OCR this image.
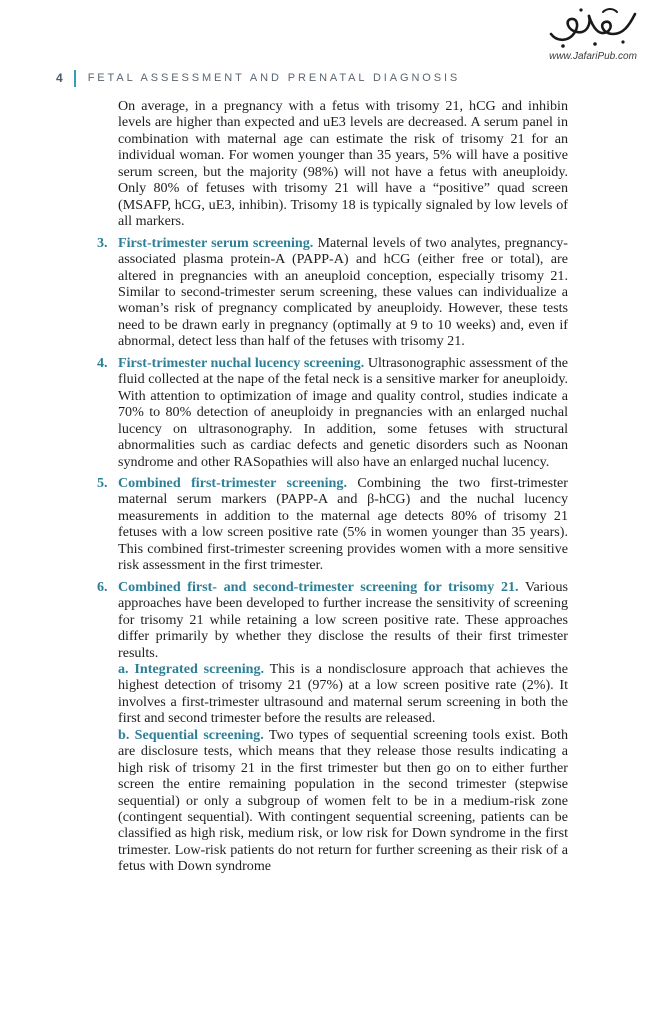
www.JafariPub.com
4 FETAL ASSESSMENT AND PRENATAL DIAGNOSIS

On average, in a pregnancy with a fetus with trisomy 21, hCG and inhibin levels are higher than expected and uE3 levels are decreased. A serum panel in combination with maternal age can estimate the risk of trisomy 21 for an individual woman. For women younger than 35 years, 5% will have a positive serum screen, but the majority (98%) will not have a fetus with aneuploidy. Only 80% of fetuses with trisomy 21 will have a “positive” quad screen (MSAFP, hCG, uE3, inhibin). Trisomy 18 is typically signaled by low levels of all markers.

3. First-trimester serum screening. Maternal levels of two analytes, pregnancy-associated plasma protein-A (PAPP-A) and hCG (either free or total), are altered in pregnancies with an aneuploid conception, especially trisomy 21. Similar to second-trimester serum screening, these values can individualize a woman’s risk of pregnancy complicated by aneuploidy. However, these tests need to be drawn early in pregnancy (optimally at 9 to 10 weeks) and, even if abnormal, detect less than half of the fetuses with trisomy 21.

4. First-trimester nuchal lucency screening. Ultrasonographic assessment of the fluid collected at the nape of the fetal neck is a sensitive marker for aneuploidy. With attention to optimization of image and quality control, studies indicate a 70% to 80% detection of aneuploidy in pregnancies with an enlarged nuchal lucency on ultrasonography. In addition, some fetuses with structural abnormalities such as cardiac defects and genetic disorders such as Noonan syndrome and other RASopathies will also have an enlarged nuchal lucency.

5. Combined first-trimester screening. Combining the two first-trimester maternal serum markers (PAPP-A and β-hCG) and the nuchal lucency measurements in addition to the maternal age detects 80% of trisomy 21 fetuses with a low screen positive rate (5% in women younger than 35 years). This combined first-trimester screening provides women with a more sensitive risk assessment in the first trimester.

6. Combined first- and second-trimester screening for trisomy 21. Various approaches have been developed to further increase the sensitivity of screening for trisomy 21 while retaining a low screen positive rate. These approaches differ primarily by whether they disclose the results of their first trimester results.

a. Integrated screening. This is a nondisclosure approach that achieves the highest detection of trisomy 21 (97%) at a low screen positive rate (2%). It involves a first-trimester ultrasound and maternal serum screening in both the first and second trimester before the results are released.

b. Sequential screening. Two types of sequential screening tools exist. Both are disclosure tests, which means that they release those results indicating a high risk of trisomy 21 in the first trimester but then go on to either further screen the entire remaining population in the second trimester (stepwise sequential) or only a subgroup of women felt to be in a medium-risk zone (contingent sequential). With contingent sequential screening, patients can be classified as high risk, medium risk, or low risk for Down syndrome in the first trimester. Low-risk patients do not return for further screening as their risk of a fetus with Down syndrome
